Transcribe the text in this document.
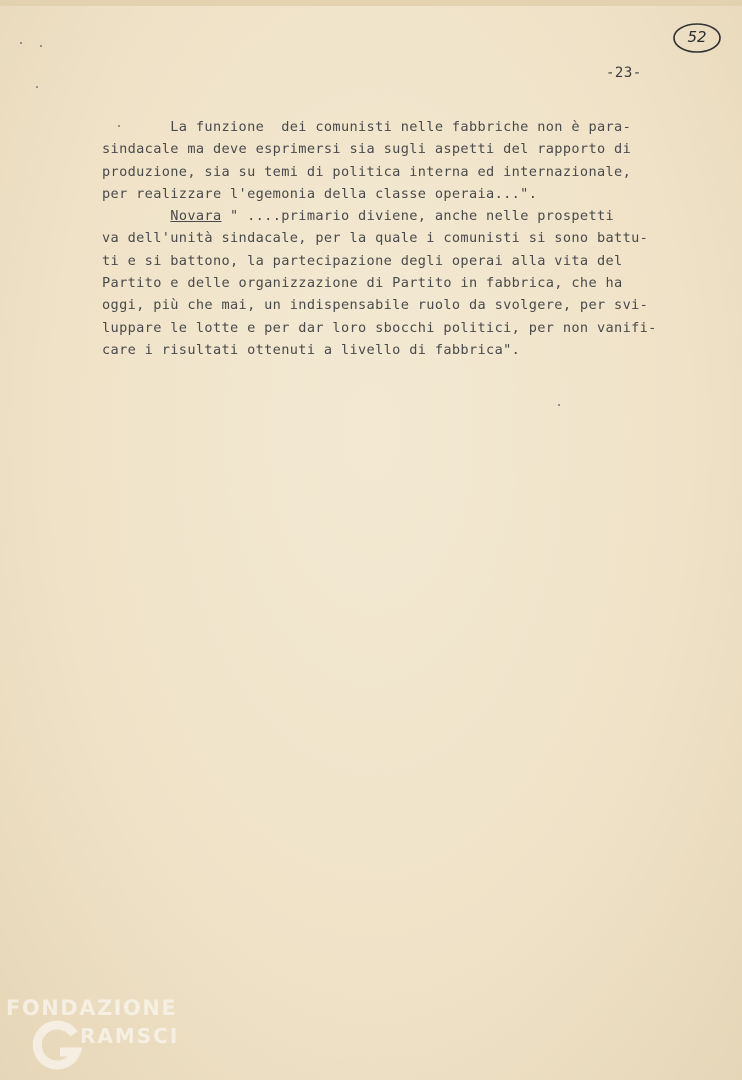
52
-23-
La funzione  dei comunisti nelle fabbriche non è para-
sindacale ma deve esprimersi sia sugli aspetti del rapporto di
produzione, sia su temi di politica interna ed internazionale,
per realizzare l'egemonia della classe operaia...".
Novara " ....primario diviene, anche nelle prospetti
va dell'unità sindacale, per la quale i comunisti si sono battu-
ti e si battono, la partecipazione degli operai alla vita del
Partito e delle organizzazione di Partito in fabbrica, che ha
oggi, più che mai, un indispensabile ruolo da svolgere, per svi-
luppare le lotte e per dar loro sbocchi politici, per non vanifi-
care i risultati ottenuti a livello di fabbrica".
FONDAZIONE
RAMSCI
